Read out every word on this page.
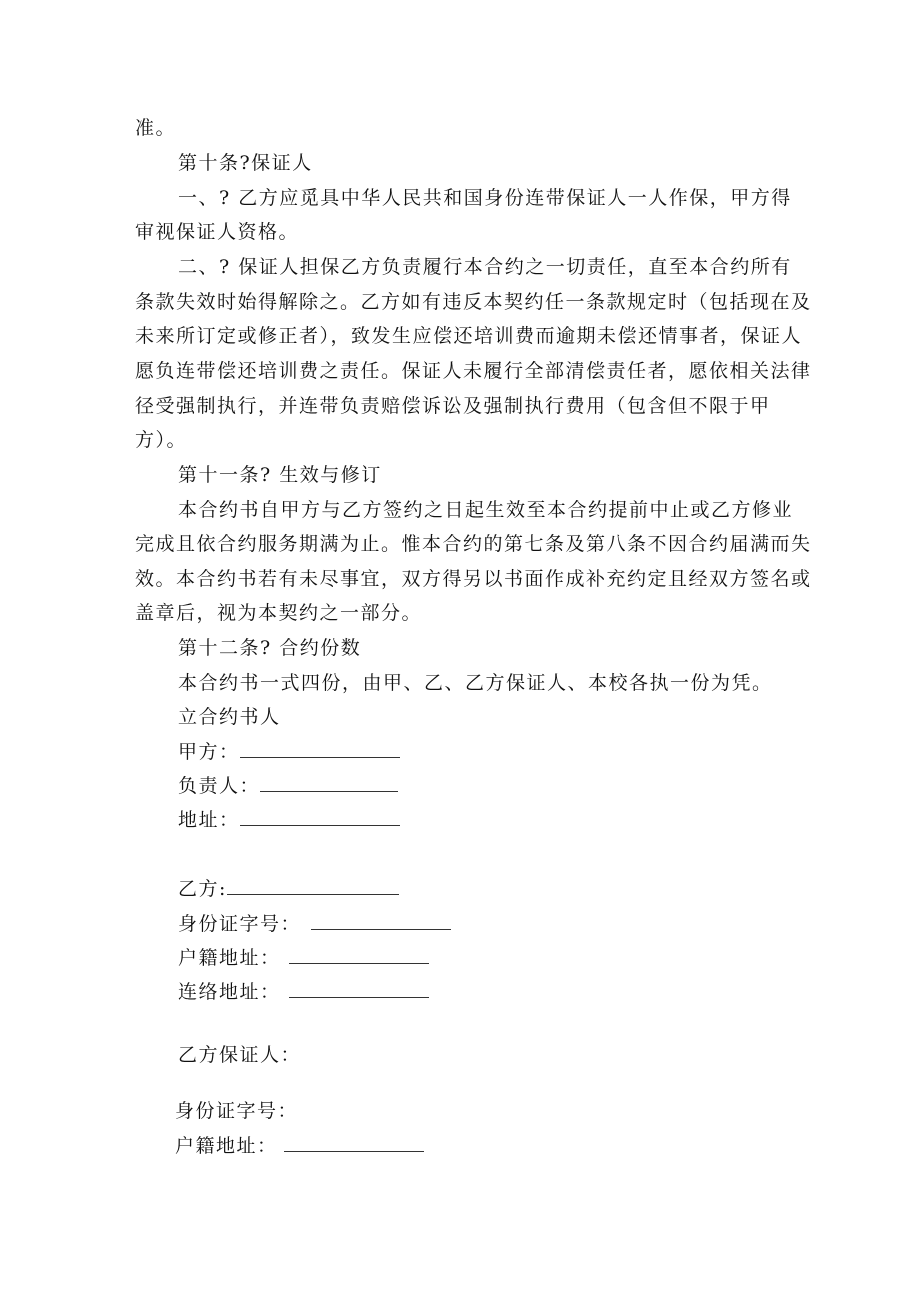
准。
第十条?保证人
一、? 乙方应觅具中华人民共和国身份连带保证人一人作保，甲方得
审视保证人资格。
二、? 保证人担保乙方负责履行本合约之一切责任，直至本合约所有
条款失效时始得解除之。乙方如有违反本契约任一条款规定时（包括现在及
未来所订定或修正者），致发生应偿还培训费而逾期未偿还情事者，保证人
愿负连带偿还培训费之责任。保证人未履行全部清偿责任者，愿依相关法律
径受强制执行，并连带负责赔偿诉讼及强制执行费用（包含但不限于甲
方）。
第十一条? 生效与修订
本合约书自甲方与乙方签约之日起生效至本合约提前中止或乙方修业
完成且依合约服务期满为止。惟本合约的第七条及第八条不因合约届满而失
效。本合约书若有未尽事宜，双方得另以书面作成补充约定且经双方签名或
盖章后，视为本契约之一部分。
第十二条? 合约份数
本合约书一式四份，由甲、乙、乙方保证人、本校各执一份为凭。
立合约书人
甲方：
负责人：
地址：
乙方:
身份证字号：
户籍地址：
连络地址：
乙方保证人：
身份证字号：
户籍地址：
